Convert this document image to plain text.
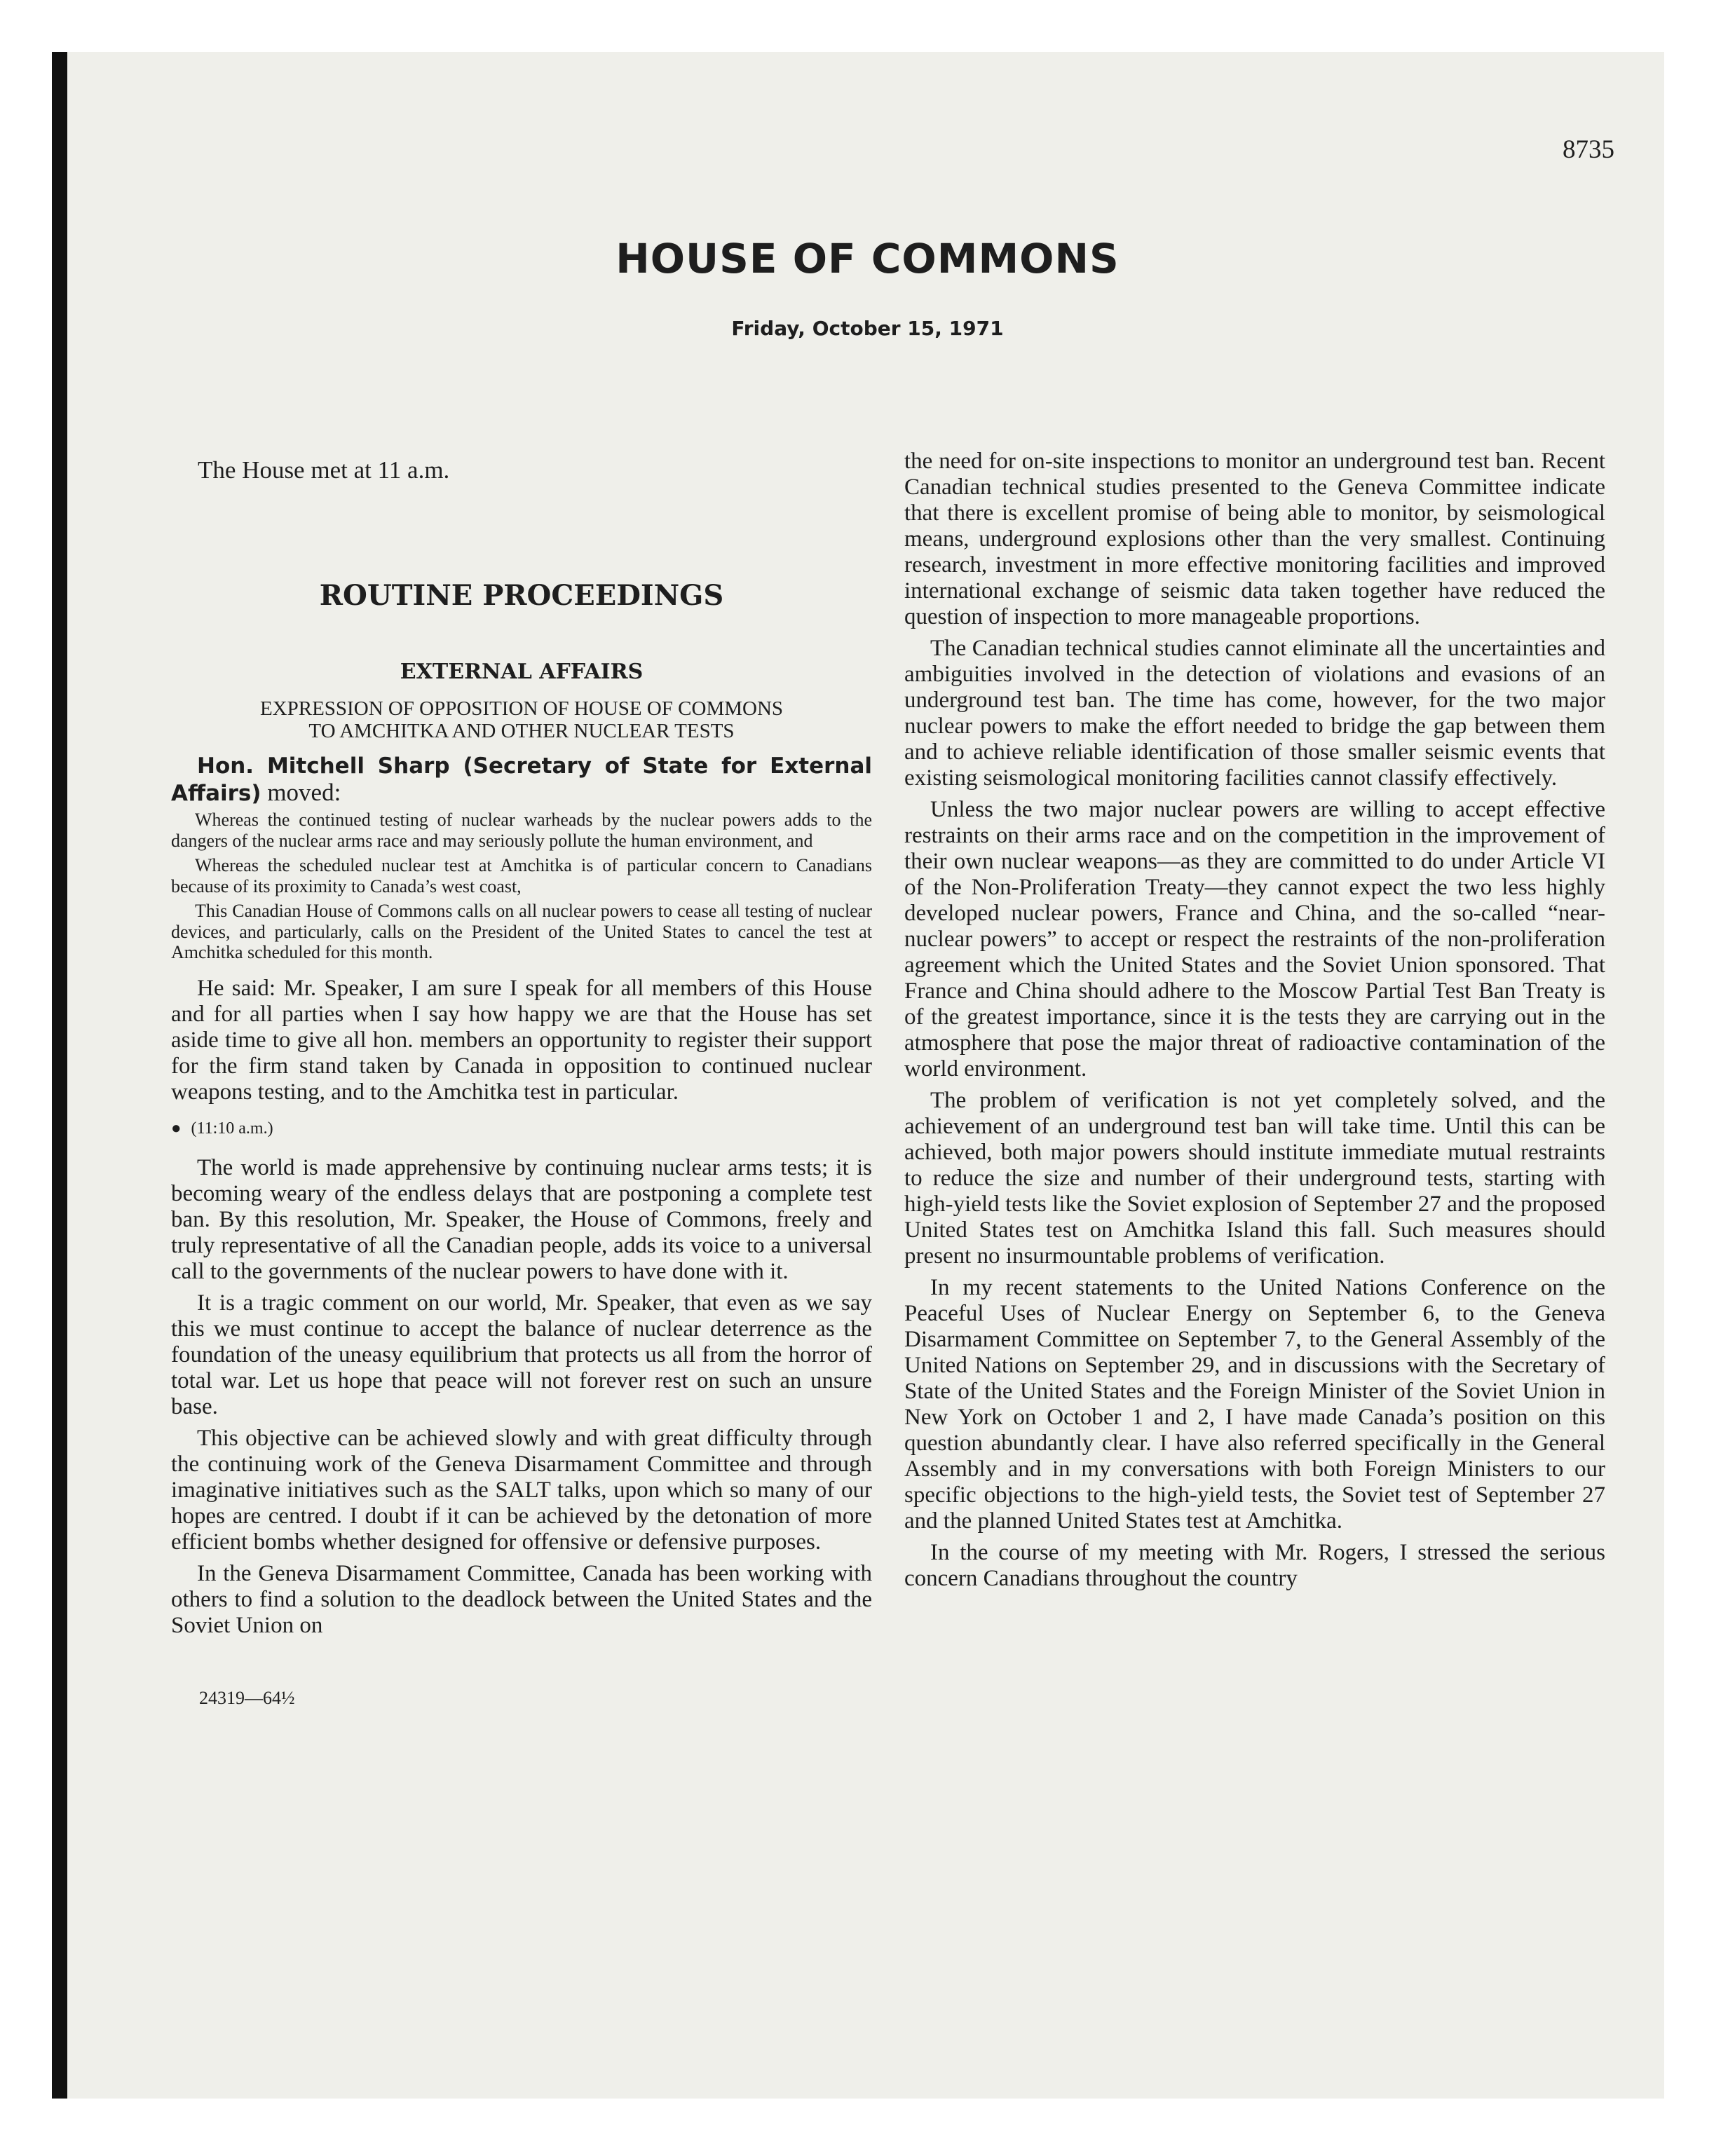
8735
HOUSE OF COMMONS
Friday, October 15, 1971

The House met at 11 a.m.

ROUTINE PROCEEDINGS

EXTERNAL AFFAIRS

EXPRESSION OF OPPOSITION OF HOUSE OF COMMONS
TO AMCHITKA AND OTHER NUCLEAR TESTS

Hon. Mitchell Sharp (Secretary of State for External Affairs) moved:

Whereas the continued testing of nuclear warheads by the nuclear powers adds to the dangers of the nuclear arms race and may seriously pollute the human environment, and

Whereas the scheduled nuclear test at Amchitka is of particular concern to Canadians because of its proximity to Canada’s west coast,

This Canadian House of Commons calls on all nuclear powers to cease all testing of nuclear devices, and particularly, calls on the President of the United States to cancel the test at Amchitka scheduled for this month.

He said: Mr. Speaker, I am sure I speak for all members of this House and for all parties when I say how happy we are that the House has set aside time to give all hon. members an opportunity to register their support for the firm stand taken by Canada in opposition to continued nuclear weapons testing, and to the Amchitka test in particular.

● (11:10 a.m.)

The world is made apprehensive by continuing nuclear arms tests; it is becoming weary of the endless delays that are postponing a complete test ban. By this resolution, Mr. Speaker, the House of Commons, freely and truly representative of all the Canadian people, adds its voice to a universal call to the governments of the nuclear powers to have done with it.

It is a tragic comment on our world, Mr. Speaker, that even as we say this we must continue to accept the balance of nuclear deterrence as the foundation of the uneasy equilibrium that protects us all from the horror of total war. Let us hope that peace will not forever rest on such an unsure base.

This objective can be achieved slowly and with great difficulty through the continuing work of the Geneva Disarmament Committee and through imaginative initiatives such as the SALT talks, upon which so many of our hopes are centred. I doubt if it can be achieved by the detonation of more efficient bombs whether designed for offensive or defensive purposes.

In the Geneva Disarmament Committee, Canada has been working with others to find a solution to the deadlock between the United States and the Soviet Union on

24319—64½

the need for on-site inspections to monitor an underground test ban. Recent Canadian technical studies presented to the Geneva Committee indicate that there is excellent promise of being able to monitor, by seismological means, underground explosions other than the very smallest. Continuing research, investment in more effective monitoring facilities and improved international exchange of seismic data taken together have reduced the question of inspection to more manageable proportions.

The Canadian technical studies cannot eliminate all the uncertainties and ambiguities involved in the detection of violations and evasions of an underground test ban. The time has come, however, for the two major nuclear powers to make the effort needed to bridge the gap between them and to achieve reliable identification of those smaller seismic events that existing seismological monitoring facilities cannot classify effectively.

Unless the two major nuclear powers are willing to accept effective restraints on their arms race and on the competition in the improvement of their own nuclear weapons—as they are committed to do under Article VI of the Non-Proliferation Treaty—they cannot expect the two less highly developed nuclear powers, France and China, and the so-called “near-nuclear powers” to accept or respect the restraints of the non-proliferation agreement which the United States and the Soviet Union sponsored. That France and China should adhere to the Moscow Partial Test Ban Treaty is of the greatest importance, since it is the tests they are carrying out in the atmosphere that pose the major threat of radioactive contamination of the world environment.

The problem of verification is not yet completely solved, and the achievement of an underground test ban will take time. Until this can be achieved, both major powers should institute immediate mutual restraints to reduce the size and number of their underground tests, starting with high-yield tests like the Soviet explosion of September 27 and the proposed United States test on Amchitka Island this fall. Such measures should present no insurmountable problems of verification.

In my recent statements to the United Nations Conference on the Peaceful Uses of Nuclear Energy on September 6, to the Geneva Disarmament Committee on September 7, to the General Assembly of the United Nations on September 29, and in discussions with the Secretary of State of the United States and the Foreign Minister of the Soviet Union in New York on October 1 and 2, I have made Canada’s position on this question abundantly clear. I have also referred specifically in the General Assembly and in my conversations with both Foreign Ministers to our specific objections to the high-yield tests, the Soviet test of September 27 and the planned United States test at Amchitka.

In the course of my meeting with Mr. Rogers, I stressed the serious concern Canadians throughout the country
